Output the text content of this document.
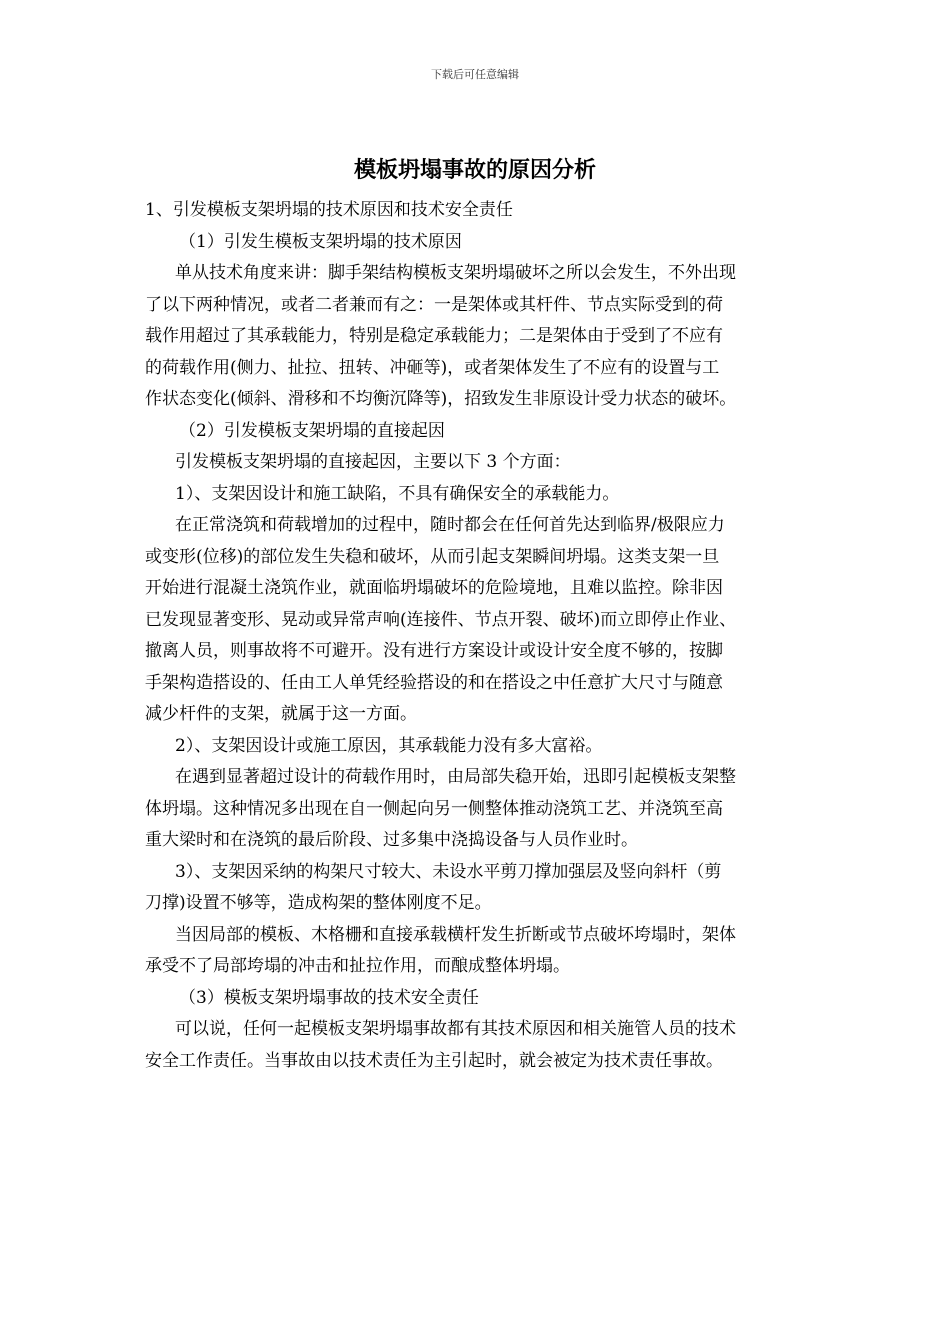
下载后可任意编辑
模板坍塌事故的原因分析
1、引发模板支架坍塌的技术原因和技术安全责任
（1）引发生模板支架坍塌的技术原因
单从技术角度来讲：脚手架结构模板支架坍塌破坏之所以会发生，不外出现
了以下两种情况，或者二者兼而有之：一是架体或其杆件、节点实际受到的荷
载作用超过了其承载能力，特别是稳定承载能力；二是架体由于受到了不应有
的荷载作用(侧力、扯拉、扭转、冲砸等)，或者架体发生了不应有的设置与工
作状态变化(倾斜、滑移和不均衡沉降等)，招致发生非原设计受力状态的破坏。
（2）引发模板支架坍塌的直接起因
引发模板支架坍塌的直接起因，主要以下 3 个方面：
1）、支架因设计和施工缺陷，不具有确保安全的承载能力。
在正常浇筑和荷载增加的过程中，随时都会在任何首先达到临界/极限应力
或变形(位移)的部位发生失稳和破坏，从而引起支架瞬间坍塌。这类支架一旦
开始进行混凝土浇筑作业，就面临坍塌破坏的危险境地，且难以监控。除非因
已发现显著变形、晃动或异常声响(连接件、节点开裂、破坏)而立即停止作业、
撤离人员，则事故将不可避开。没有进行方案设计或设计安全度不够的，按脚
手架构造搭设的、任由工人单凭经验搭设的和在搭设之中任意扩大尺寸与随意
减少杆件的支架，就属于这一方面。
2）、支架因设计或施工原因，其承载能力没有多大富裕。
在遇到显著超过设计的荷载作用时，由局部失稳开始，迅即引起模板支架整
体坍塌。这种情况多出现在自一侧起向另一侧整体推动浇筑工艺、并浇筑至高
重大梁时和在浇筑的最后阶段、过多集中浇捣设备与人员作业时。
3）、支架因采纳的构架尺寸较大、未设水平剪刀撑加强层及竖向斜杆（剪
刀撑)设置不够等，造成构架的整体刚度不足。
当因局部的模板、木格栅和直接承载横杆发生折断或节点破坏垮塌时，架体
承受不了局部垮塌的冲击和扯拉作用，而酿成整体坍塌。
（3）模板支架坍塌事故的技术安全责任
可以说，任何一起模板支架坍塌事故都有其技术原因和相关施管人员的技术
安全工作责任。当事故由以技术责任为主引起时，就会被定为技术责任事故。
